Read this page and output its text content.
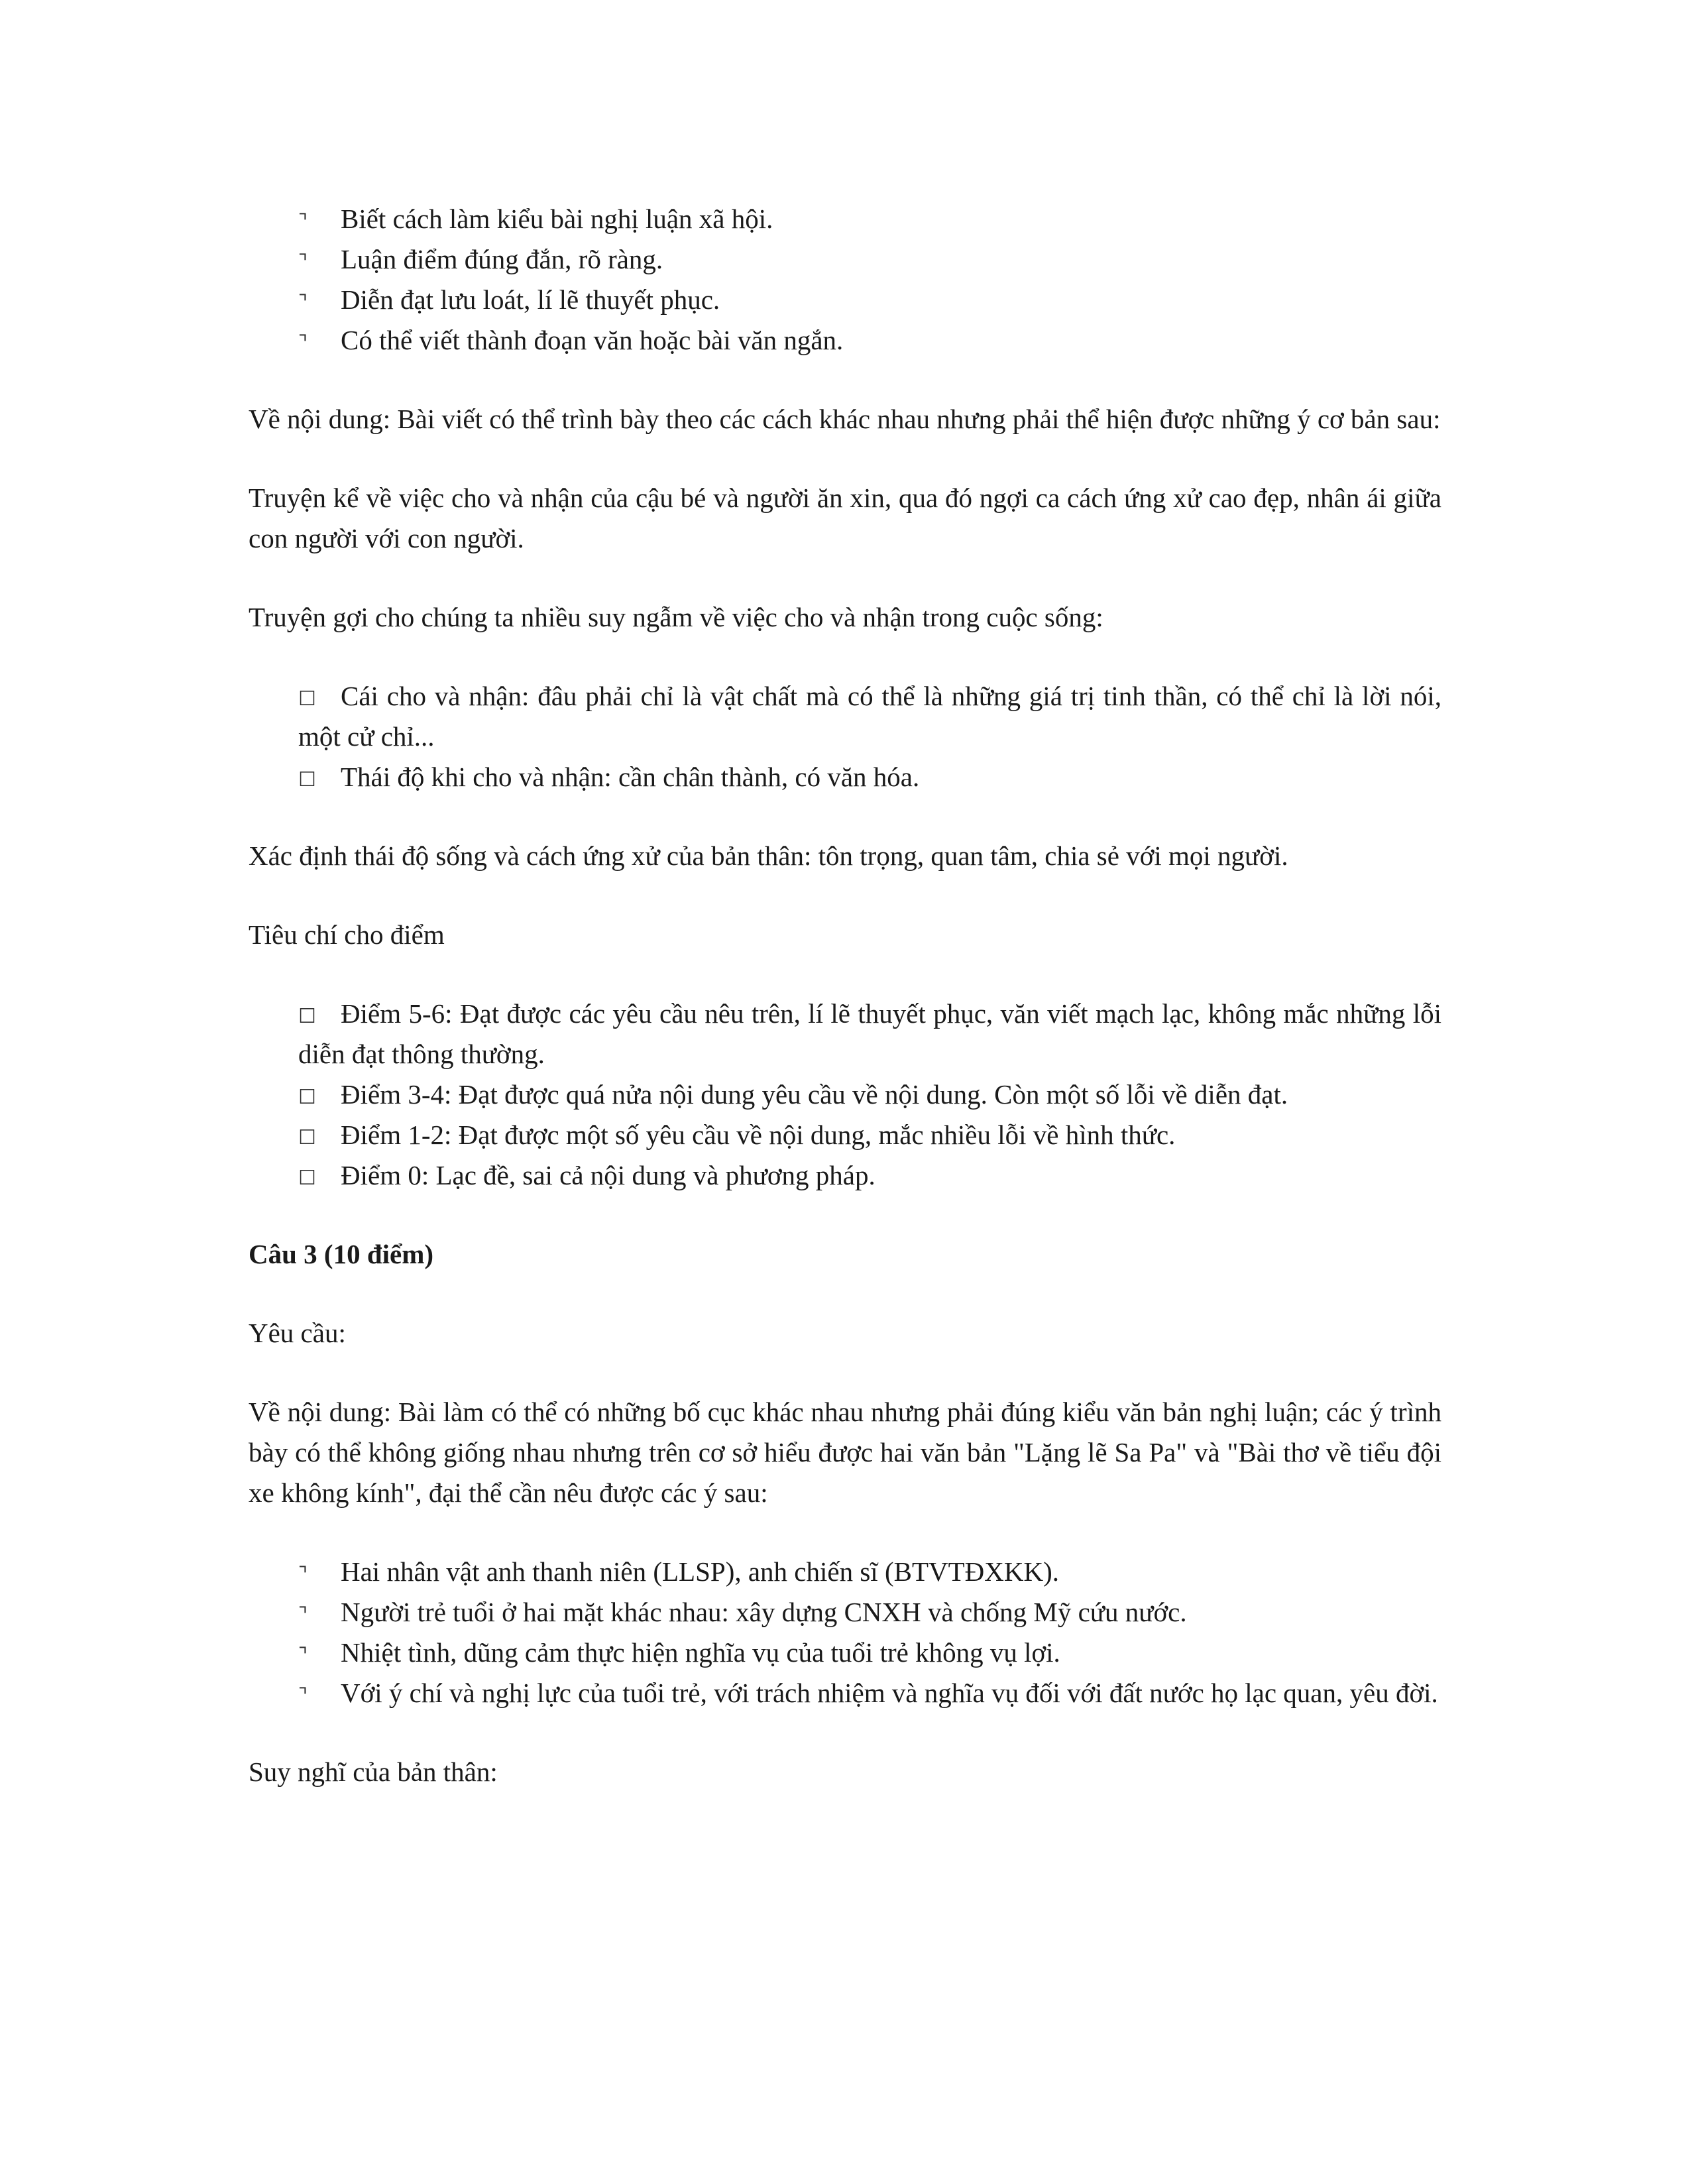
⌝ Biết cách làm kiểu bài nghị luận xã hội.
⌝ Luận điểm đúng đắn, rõ ràng.
⌝ Diễn đạt lưu loát, lí lẽ thuyết phục.
⌝ Có thể viết thành đoạn văn hoặc bài văn ngắn.

Về nội dung: Bài viết có thể trình bày theo các cách khác nhau nhưng phải thể hiện được những ý cơ bản sau:

Truyện kể về việc cho và nhận của cậu bé và người ăn xin, qua đó ngợi ca cách ứng xử cao đẹp, nhân ái giữa con người với con người.

Truyện gợi cho chúng ta nhiều suy ngẫm về việc cho và nhận trong cuộc sống:

☐ Cái cho và nhận: đâu phải chỉ là vật chất mà có thể là những giá trị tinh thần, có thể chỉ là lời nói, một cử chỉ...
☐ Thái độ khi cho và nhận: cần chân thành, có văn hóa.

Xác định thái độ sống và cách ứng xử của bản thân: tôn trọng, quan tâm, chia sẻ với mọi người.

Tiêu chí cho điểm

☐ Điểm 5-6: Đạt được các yêu cầu nêu trên, lí lẽ thuyết phục, văn viết mạch lạc, không mắc những lỗi diễn đạt thông thường.
☐ Điểm 3-4: Đạt được quá nửa nội dung yêu cầu về nội dung. Còn một số lỗi về diễn đạt.
☐ Điểm 1-2: Đạt được một số yêu cầu về nội dung, mắc nhiều lỗi về hình thức.
☐ Điểm 0: Lạc đề, sai cả nội dung và phương pháp.

Câu 3 (10 điểm)

Yêu cầu:

Về nội dung: Bài làm có thể có những bố cục khác nhau nhưng phải đúng kiểu văn bản nghị luận; các ý trình bày có thể không giống nhau nhưng trên cơ sở hiểu được hai văn bản "Lặng lẽ Sa Pa" và "Bài thơ về tiểu đội xe không kính", đại thể cần nêu được các ý sau:

⌝ Hai nhân vật anh thanh niên (LLSP), anh chiến sĩ (BTVTĐXKK).
⌝ Người trẻ tuổi ở hai mặt khác nhau: xây dựng CNXH và chống Mỹ cứu nước.
⌝ Nhiệt tình, dũng cảm thực hiện nghĩa vụ của tuổi trẻ không vụ lợi.
⌝ Với ý chí và nghị lực của tuổi trẻ, với trách nhiệm và nghĩa vụ đối với đất nước họ lạc quan, yêu đời.

Suy nghĩ của bản thân:
